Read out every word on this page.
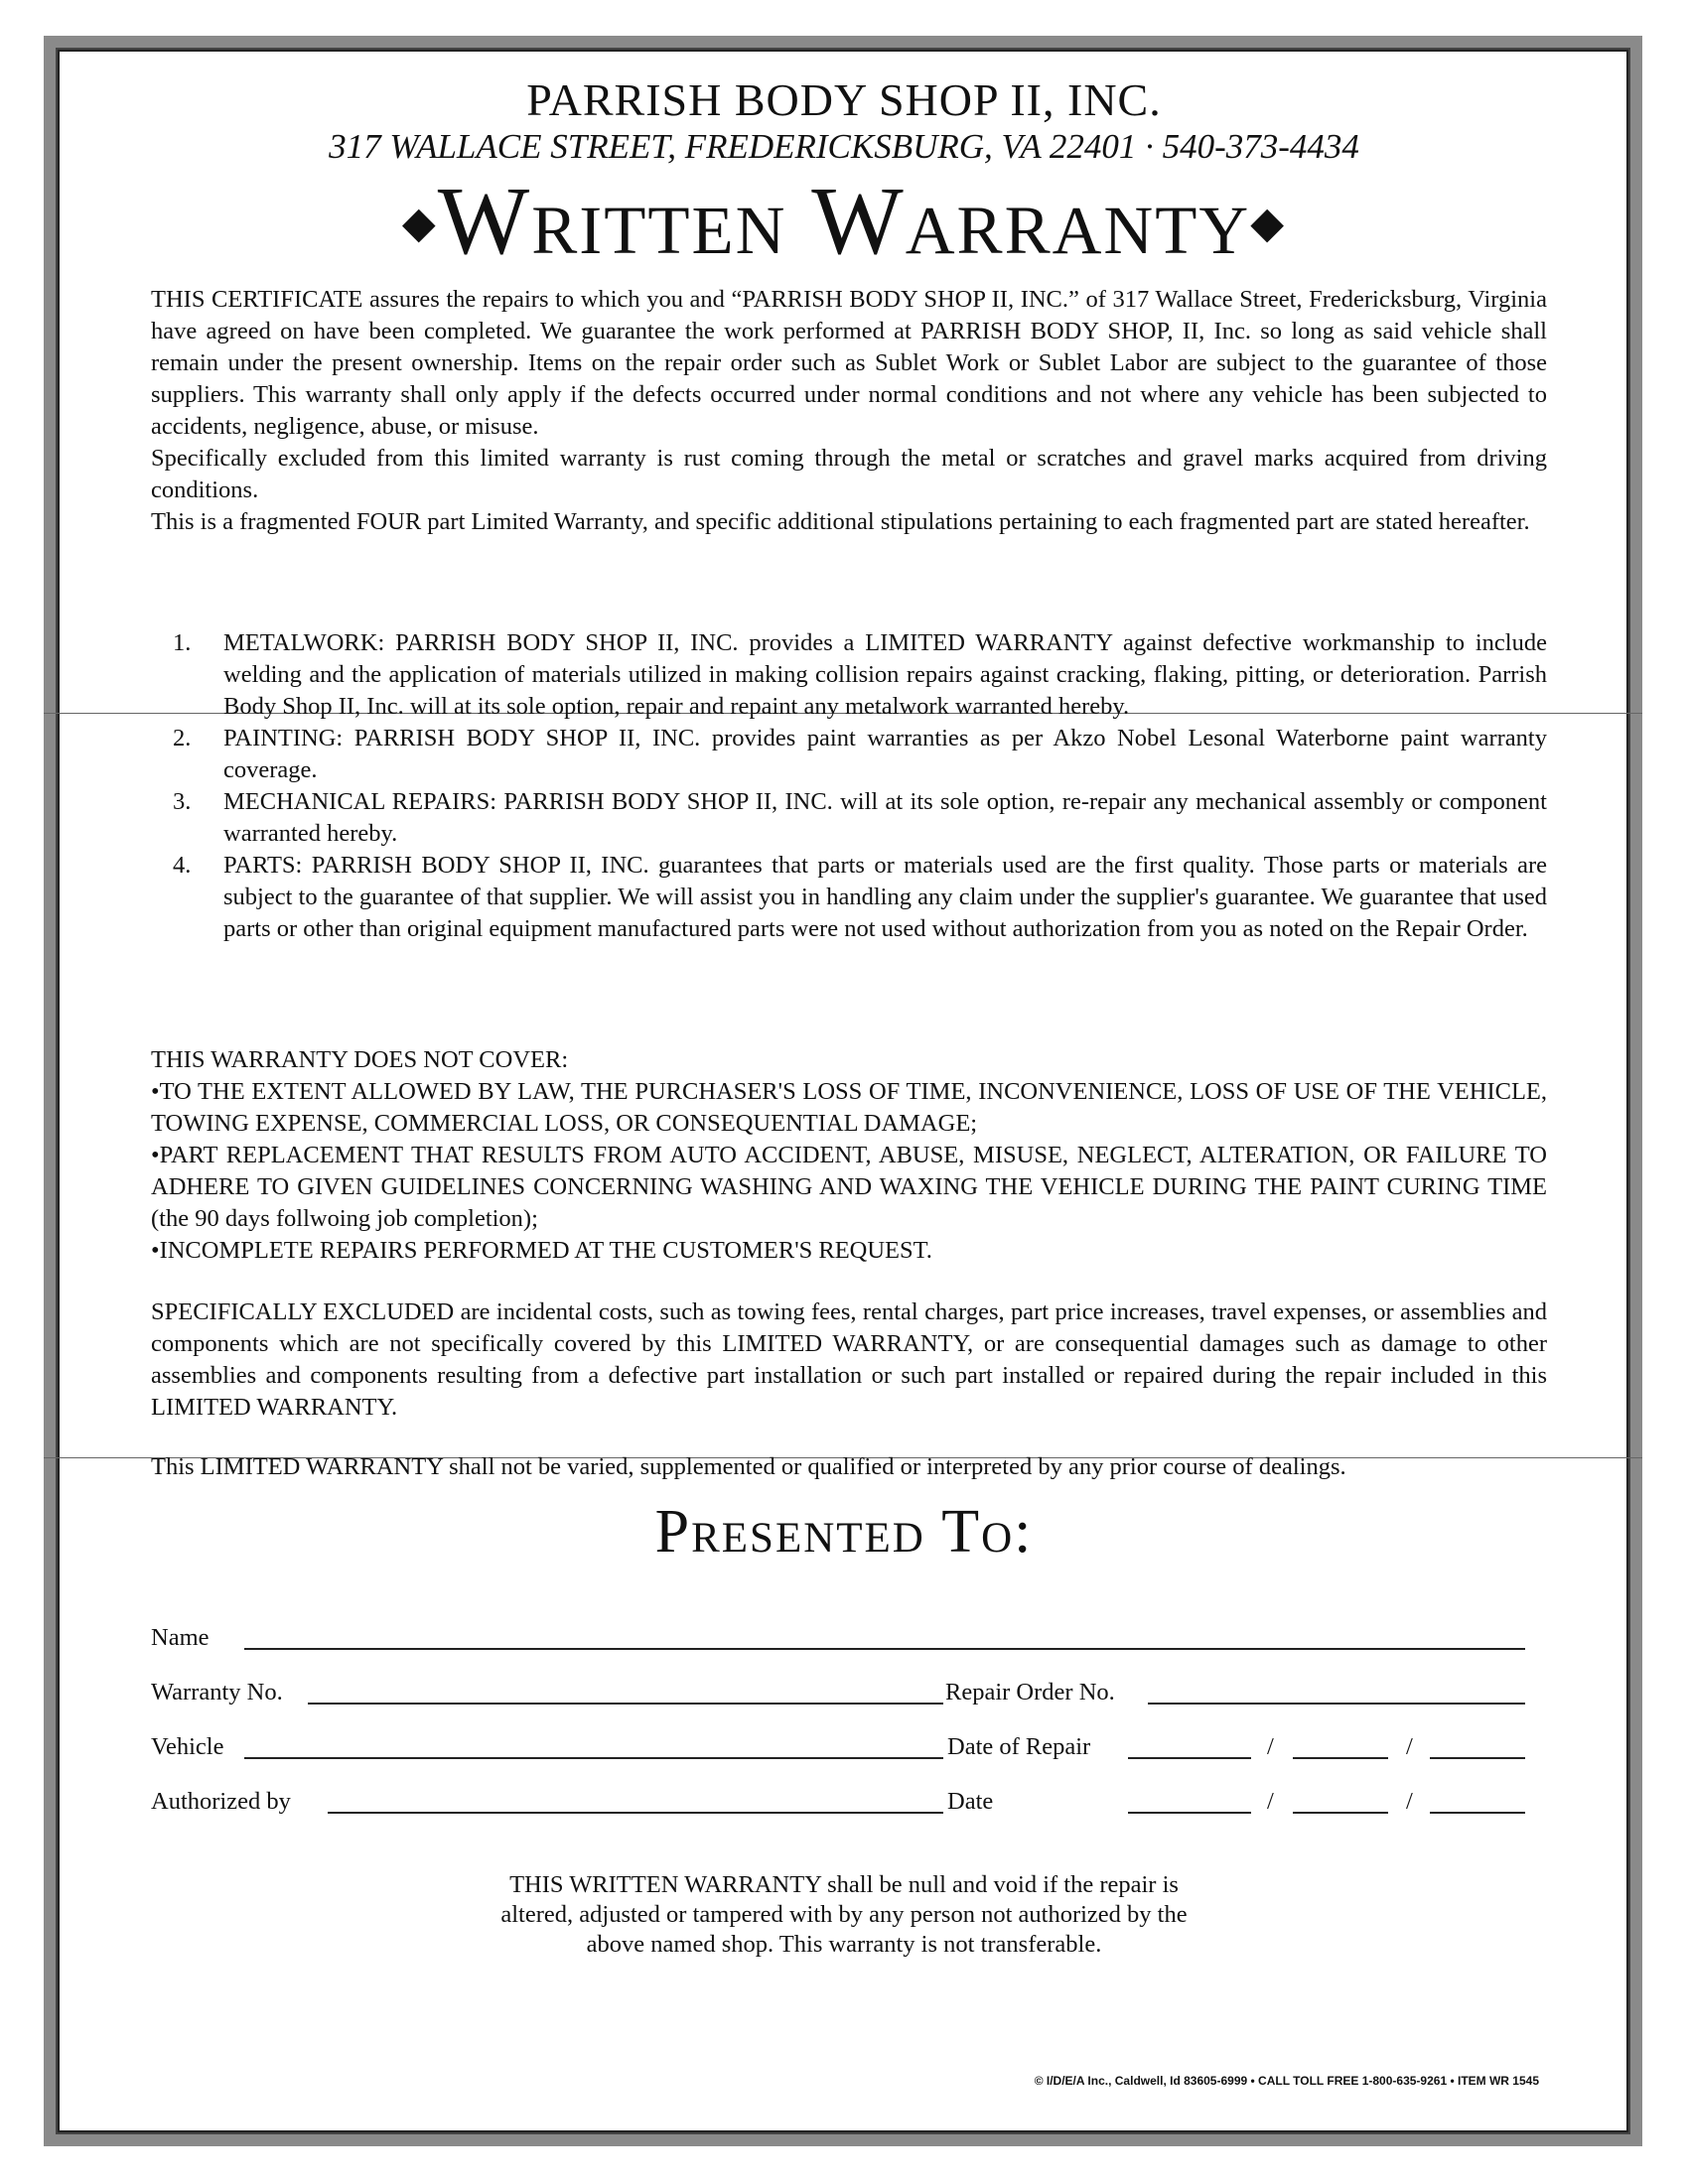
PARRISH BODY SHOP II, INC.
317 WALLACE STREET, FREDERICKSBURG, VA 22401 · 540-373-4434
◆Written Warranty◆

THIS CERTIFICATE assures the repairs to which you and “PARRISH BODY SHOP II, INC.” of 317 Wallace Street, Fredericksburg, Virginia have agreed on have been completed. We guarantee the work performed at PARRISH BODY SHOP, II, Inc. so long as said vehicle shall remain under the present ownership. Items on the repair order such as Sublet Work or Sublet Labor are subject to the guarantee of those suppliers. This warranty shall only apply if the defects occurred under normal conditions and not where any vehicle has been subjected to accidents, negligence, abuse, or misuse.

Specifically excluded from this limited warranty is rust coming through the metal or scratches and gravel marks acquired from driving conditions.

This is a fragmented FOUR part Limited Warranty, and specific additional stipulations pertaining to each fragmented part are stated hereafter.

1.	METALWORK: PARRISH BODY SHOP II, INC. provides a LIMITED WARRANTY against defective workmanship to include welding and the application of materials utilized in making collision repairs against cracking, flaking, pitting, or deterioration. Parrish Body Shop II, Inc. will at its sole option, repair and repaint any metalwork warranted hereby.
2.	PAINTING: PARRISH BODY SHOP II, INC. provides paint warranties as per Akzo Nobel Lesonal Waterborne paint warranty coverage.
3.	MECHANICAL REPAIRS: PARRISH BODY SHOP II, INC. will at its sole option, re-repair any mechanical assembly or component warranted hereby.
4.	PARTS: PARRISH BODY SHOP II, INC. guarantees that parts or materials used are the first quality. Those parts or materials are subject to the guarantee of that supplier. We will assist you in handling any claim under the supplier's guarantee. We guarantee that used parts or other than original equipment manufactured parts were not used without authorization from you as noted on the Repair Order.

THIS WARRANTY DOES NOT COVER:

•TO THE EXTENT ALLOWED BY LAW, THE PURCHASER'S LOSS OF TIME, INCONVENIENCE, LOSS OF USE OF THE VEHICLE, TOWING EXPENSE, COMMERCIAL LOSS, OR CONSEQUENTIAL DAMAGE;

•PART REPLACEMENT THAT RESULTS FROM AUTO ACCIDENT, ABUSE, MISUSE, NEGLECT, ALTERATION, OR FAILURE TO ADHERE TO GIVEN GUIDELINES CONCERNING WASHING AND WAXING THE VEHICLE DURING THE PAINT CURING TIME (the 90 days follwoing job completion);

•INCOMPLETE REPAIRS PERFORMED AT THE CUSTOMER'S REQUEST.

SPECIFICALLY EXCLUDED are incidental costs, such as towing fees, rental charges, part price increases, travel expenses, or assemblies and components which are not specifically covered by this LIMITED WARRANTY, or are consequential damages such as damage to other assemblies and components resulting from a defective part installation or such part installed or repaired during the repair included in this LIMITED WARRANTY.
This LIMITED WARRANTY shall not be varied, supplemented or qualified or interpreted by any prior course of dealings.
Presented To:
Name
Warranty No.	Repair Order No.
Vehicle	Date of Repair	/	/
Authorized by	Date	/	/
THIS WRITTEN WARRANTY shall be null and void if the repair is
altered, adjusted or tampered with by any person not authorized by the
above named shop. This warranty is not transferable.
© I/D/E/A Inc., Caldwell, Id 83605-6999 • CALL TOLL FREE 1-800-635-9261 • ITEM WR 1545
